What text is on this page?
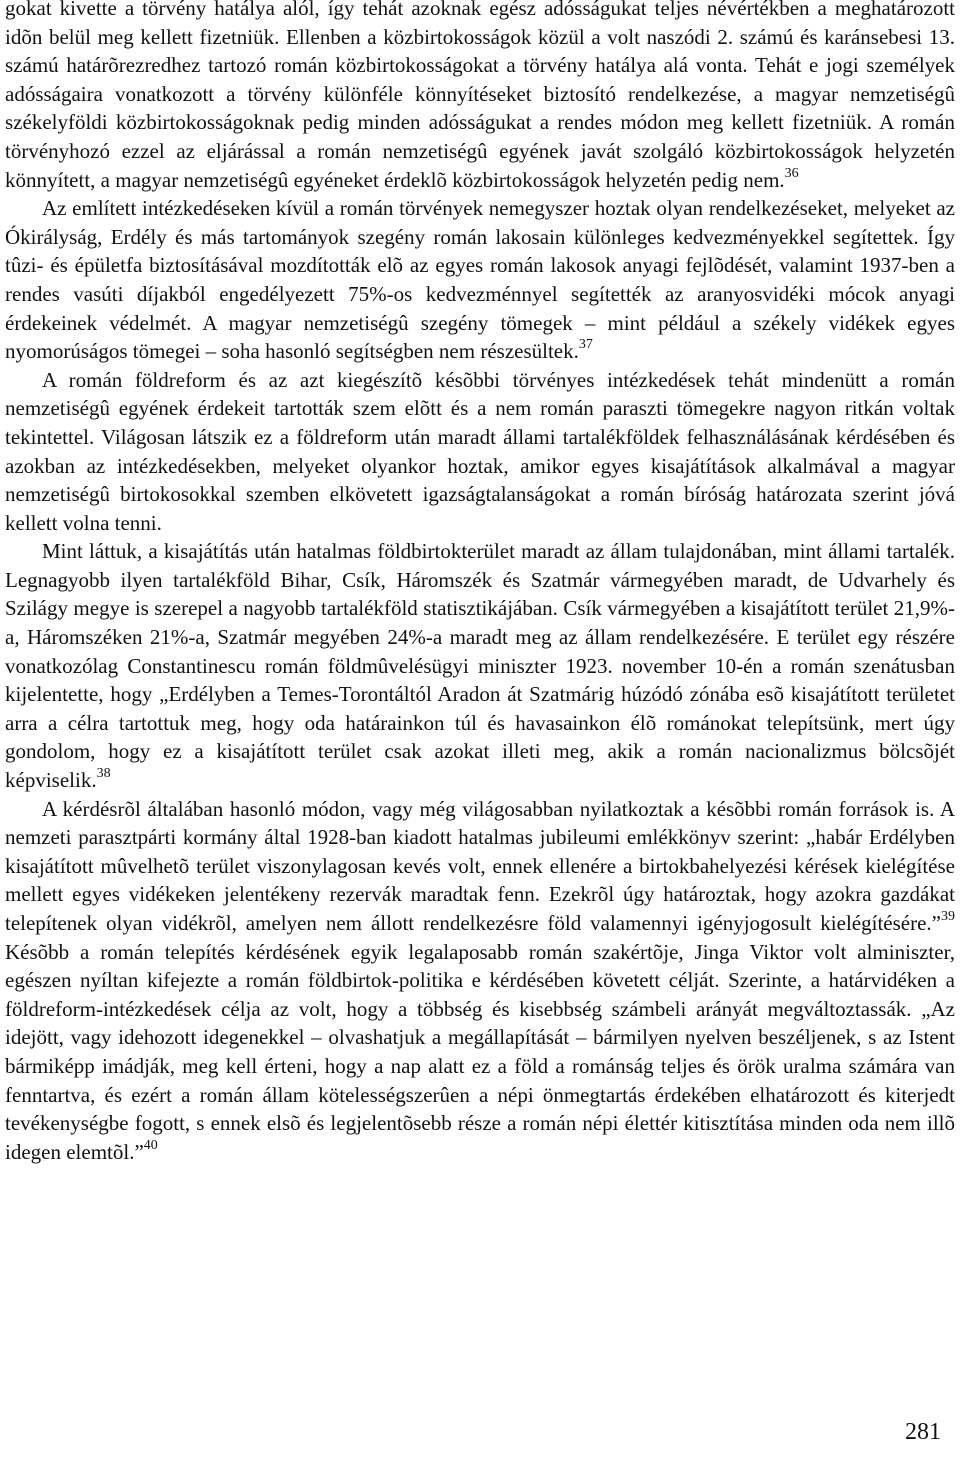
gokat kivette a törvény hatálya alól, így tehát azoknak egész adósságukat teljes névértékben a meghatározott idõn belül meg kellett fizetniük. Ellenben a közbirtokosságok közül a volt naszódi 2. számú és karánsebesi 13. számú határõrezredhez tartozó román közbirtokosságokat a törvény hatálya alá vonta. Tehát e jogi személyek adósságaira vonatkozott a törvény különféle könnyítéseket biztosító rendelkezése, a magyar nemzetiségû székelyföldi közbirtokosságoknak pedig minden adósságukat a rendes módon meg kellett fizetniük. A román törvényhozó ezzel az eljárással a román nemzetiségû egyének javát szolgáló közbirtokosságok helyzetén könnyített, a magyar nemzetiségû egyéneket érdeklõ közbirtokosságok helyzetén pedig nem.$^{36}$

Az említett intézkedéseken kívül a román törvények nemegyszer hoztak olyan rendelkezéseket, melyeket az Ókirályság, Erdély és más tartományok szegény román lakosain különleges kedvezményekkel segítettek. Így tûzi- és épületfa biztosításával mozdították elõ az egyes román lakosok anyagi fejlõdését, valamint 1937-ben a rendes vasúti díjakból engedélyezett 75%-os kedvezménnyel segítették az aranyosvidéki mócok anyagi érdekeinek védelmét. A magyar nemzetiségû szegény tömegek – mint például a székely vidékek egyes nyomorúságos tömegei – soha hasonló segítségben nem részesültek.$^{37}$

A román földreform és az azt kiegészítõ késõbbi törvényes intézkedések tehát mindenütt a román nemzetiségû egyének érdekeit tartották szem elõtt és a nem román paraszti tömegekre nagyon ritkán voltak tekintettel. Világosan látszik ez a földreform után maradt állami tartalékföldek felhasználásának kérdésében és azokban az intézkedésekben, melyeket olyankor hoztak, amikor egyes kisajátítások alkalmával a magyar nemzetiségû birtokosokkal szemben elkövetett igazságtalanságokat a román bíróság határozata szerint jóvá kellett volna tenni.

Mint láttuk, a kisajátítás után hatalmas földbirtokterület maradt az állam tulajdonában, mint állami tartalék. Legnagyobb ilyen tartalékföld Bihar, Csík, Háromszék és Szatmár vármegyében maradt, de Udvarhely és Szilágy megye is szerepel a nagyobb tartalékföld statisztikájában. Csík vármegyében a kisajátított terület 21,9%-a, Háromszéken 21%-a, Szatmár megyében 24%-a maradt meg az állam rendelkezésére. E terület egy részére vonatkozólag Constantinescu román földmûvelésügyi miniszter 1923. november 10-én a román szenátusban kijelentette, hogy „Erdélyben a Temes-Torontáltól Aradon át Szatmárig húzódó zónába esõ kisajátított területet arra a célra tartottuk meg, hogy oda határainkon túl és havasainkon élõ románokat telepítsünk, mert úgy gondolom, hogy ez a kisajátított terület csak azokat illeti meg, akik a román nacionalizmus bölcsõjét képviselik.$^{38}$

A kérdésrõl általában hasonló módon, vagy még világosabban nyilatkoztak a késõbbi román források is. A nemzeti parasztpárti kormány által 1928-ban kiadott hatalmas jubileumi emlékkönyv szerint: „habár Erdélyben kisajátított mûvelhetõ terület viszonylagosan kevés volt, ennek ellenére a birtokbahelyezési kérések kielégítése mellett egyes vidékeken jelentékeny rezervák maradtak fenn. Ezekrõl úgy határoztak, hogy azokra gazdákat telepítenek olyan vidékrõl, amelyen nem állott rendelkezésre föld valamennyi igényjogosult kielégítésére.”$^{39}$ Késõbb a román telepítés kérdésének egyik legalaposabb román szakértõje, Jinga Viktor volt alminiszter, egészen nyíltan kifejezte a román földbirtok-politika e kérdésében követett célját. Szerinte, a határvidéken a földreform-intézkedések célja az volt, hogy a többség és kisebbség számbeli arányát megváltoztassák. „Az idejött, vagy idehozott idegenekkel – olvashatjuk a megállapítását – bármilyen nyelven beszéljenek, s az Istent bármiképp imádják, meg kell érteni, hogy a nap alatt ez a föld a románság teljes és örök uralma számára van fenntartva, és ezért a román állam kötelességszerûen a népi önmegtartás érdekében elhatározott és kiterjedt tevékenységbe fogott, s ennek elsõ és legjelentõsebb része a román népi élettér kitisztítása minden oda nem illõ idegen elemtõl.”$^{40}$

281
